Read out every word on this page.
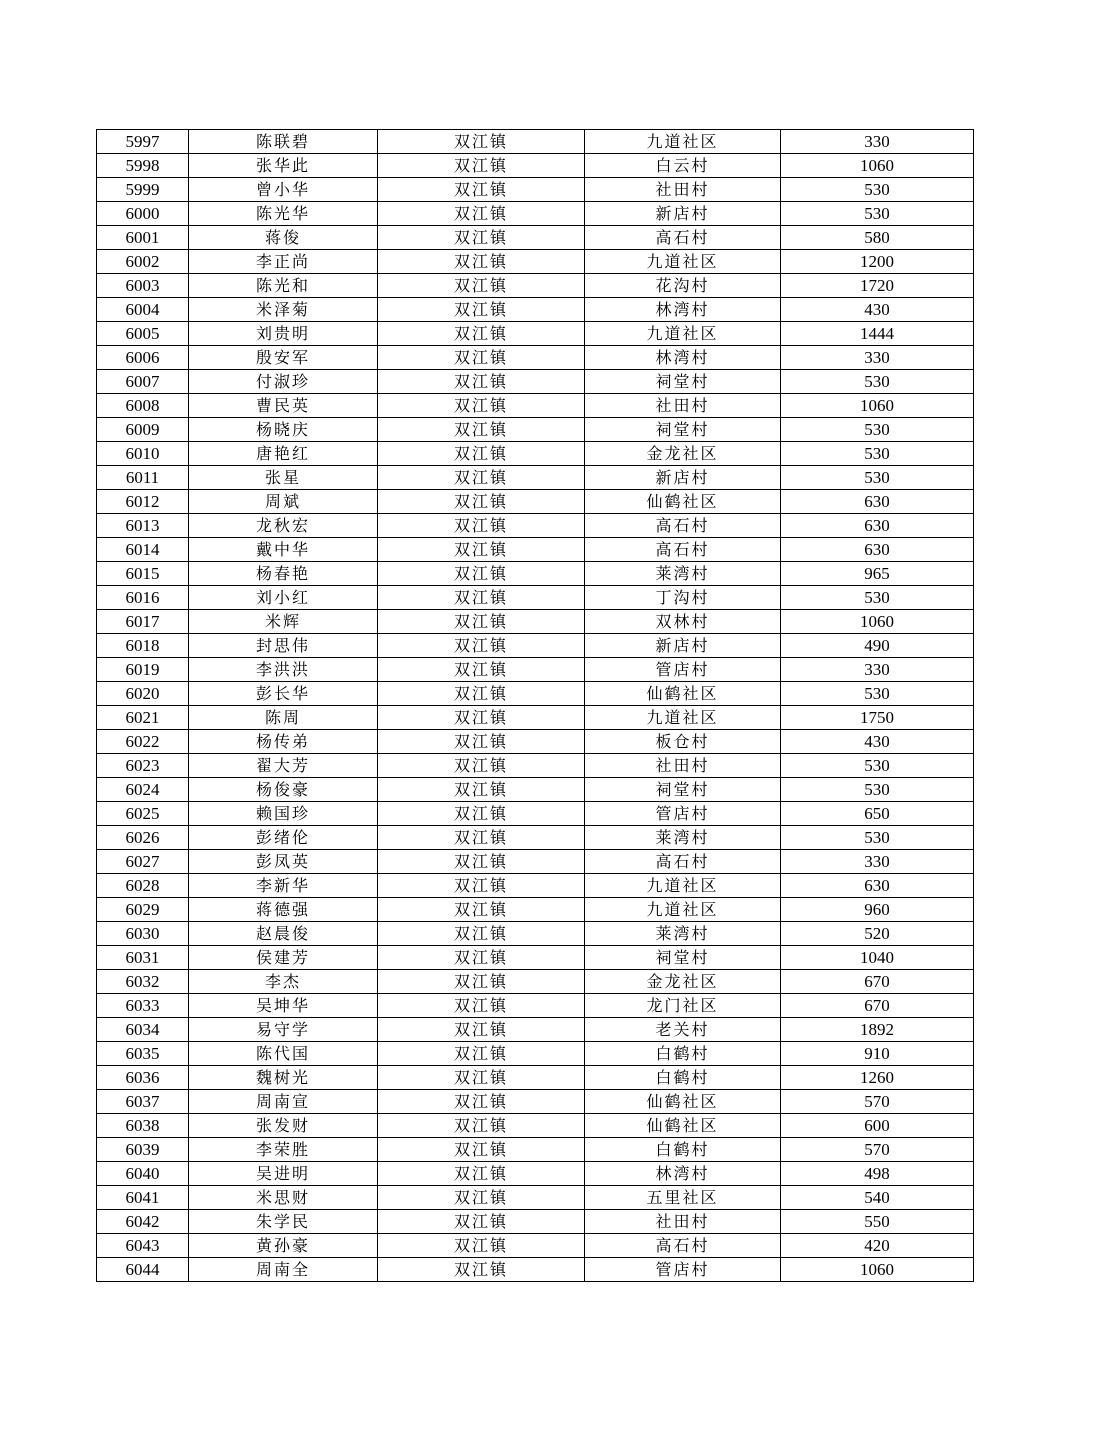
5997	陈联碧	双江镇	九道社区	330
5998	张华此	双江镇	白云村	1060
5999	曾小华	双江镇	社田村	530
6000	陈光华	双江镇	新店村	530
6001	蒋俊	双江镇	高石村	580
6002	李正尚	双江镇	九道社区	1200
6003	陈光和	双江镇	花沟村	1720
6004	米泽菊	双江镇	林湾村	430
6005	刘贵明	双江镇	九道社区	1444
6006	殷安军	双江镇	林湾村	330
6007	付淑珍	双江镇	祠堂村	530
6008	曹民英	双江镇	社田村	1060
6009	杨晓庆	双江镇	祠堂村	530
6010	唐艳红	双江镇	金龙社区	530
6011	张星	双江镇	新店村	530
6012	周斌	双江镇	仙鹤社区	630
6013	龙秋宏	双江镇	高石村	630
6014	戴中华	双江镇	高石村	630
6015	杨春艳	双江镇	莱湾村	965
6016	刘小红	双江镇	丁沟村	530
6017	米辉	双江镇	双林村	1060
6018	封思伟	双江镇	新店村	490
6019	李洪洪	双江镇	管店村	330
6020	彭长华	双江镇	仙鹤社区	530
6021	陈周	双江镇	九道社区	1750
6022	杨传弟	双江镇	板仓村	430
6023	翟大芳	双江镇	社田村	530
6024	杨俊豪	双江镇	祠堂村	530
6025	赖国珍	双江镇	管店村	650
6026	彭绪伦	双江镇	莱湾村	530
6027	彭凤英	双江镇	高石村	330
6028	李新华	双江镇	九道社区	630
6029	蒋德强	双江镇	九道社区	960
6030	赵晨俊	双江镇	莱湾村	520
6031	侯建芳	双江镇	祠堂村	1040
6032	李杰	双江镇	金龙社区	670
6033	吴坤华	双江镇	龙门社区	670
6034	易守学	双江镇	老关村	1892
6035	陈代国	双江镇	白鹤村	910
6036	魏树光	双江镇	白鹤村	1260
6037	周南宣	双江镇	仙鹤社区	570
6038	张发财	双江镇	仙鹤社区	600
6039	李荣胜	双江镇	白鹤村	570
6040	吴进明	双江镇	林湾村	498
6041	米思财	双江镇	五里社区	540
6042	朱学民	双江镇	社田村	550
6043	黄孙豪	双江镇	高石村	420
6044	周南全	双江镇	管店村	1060
